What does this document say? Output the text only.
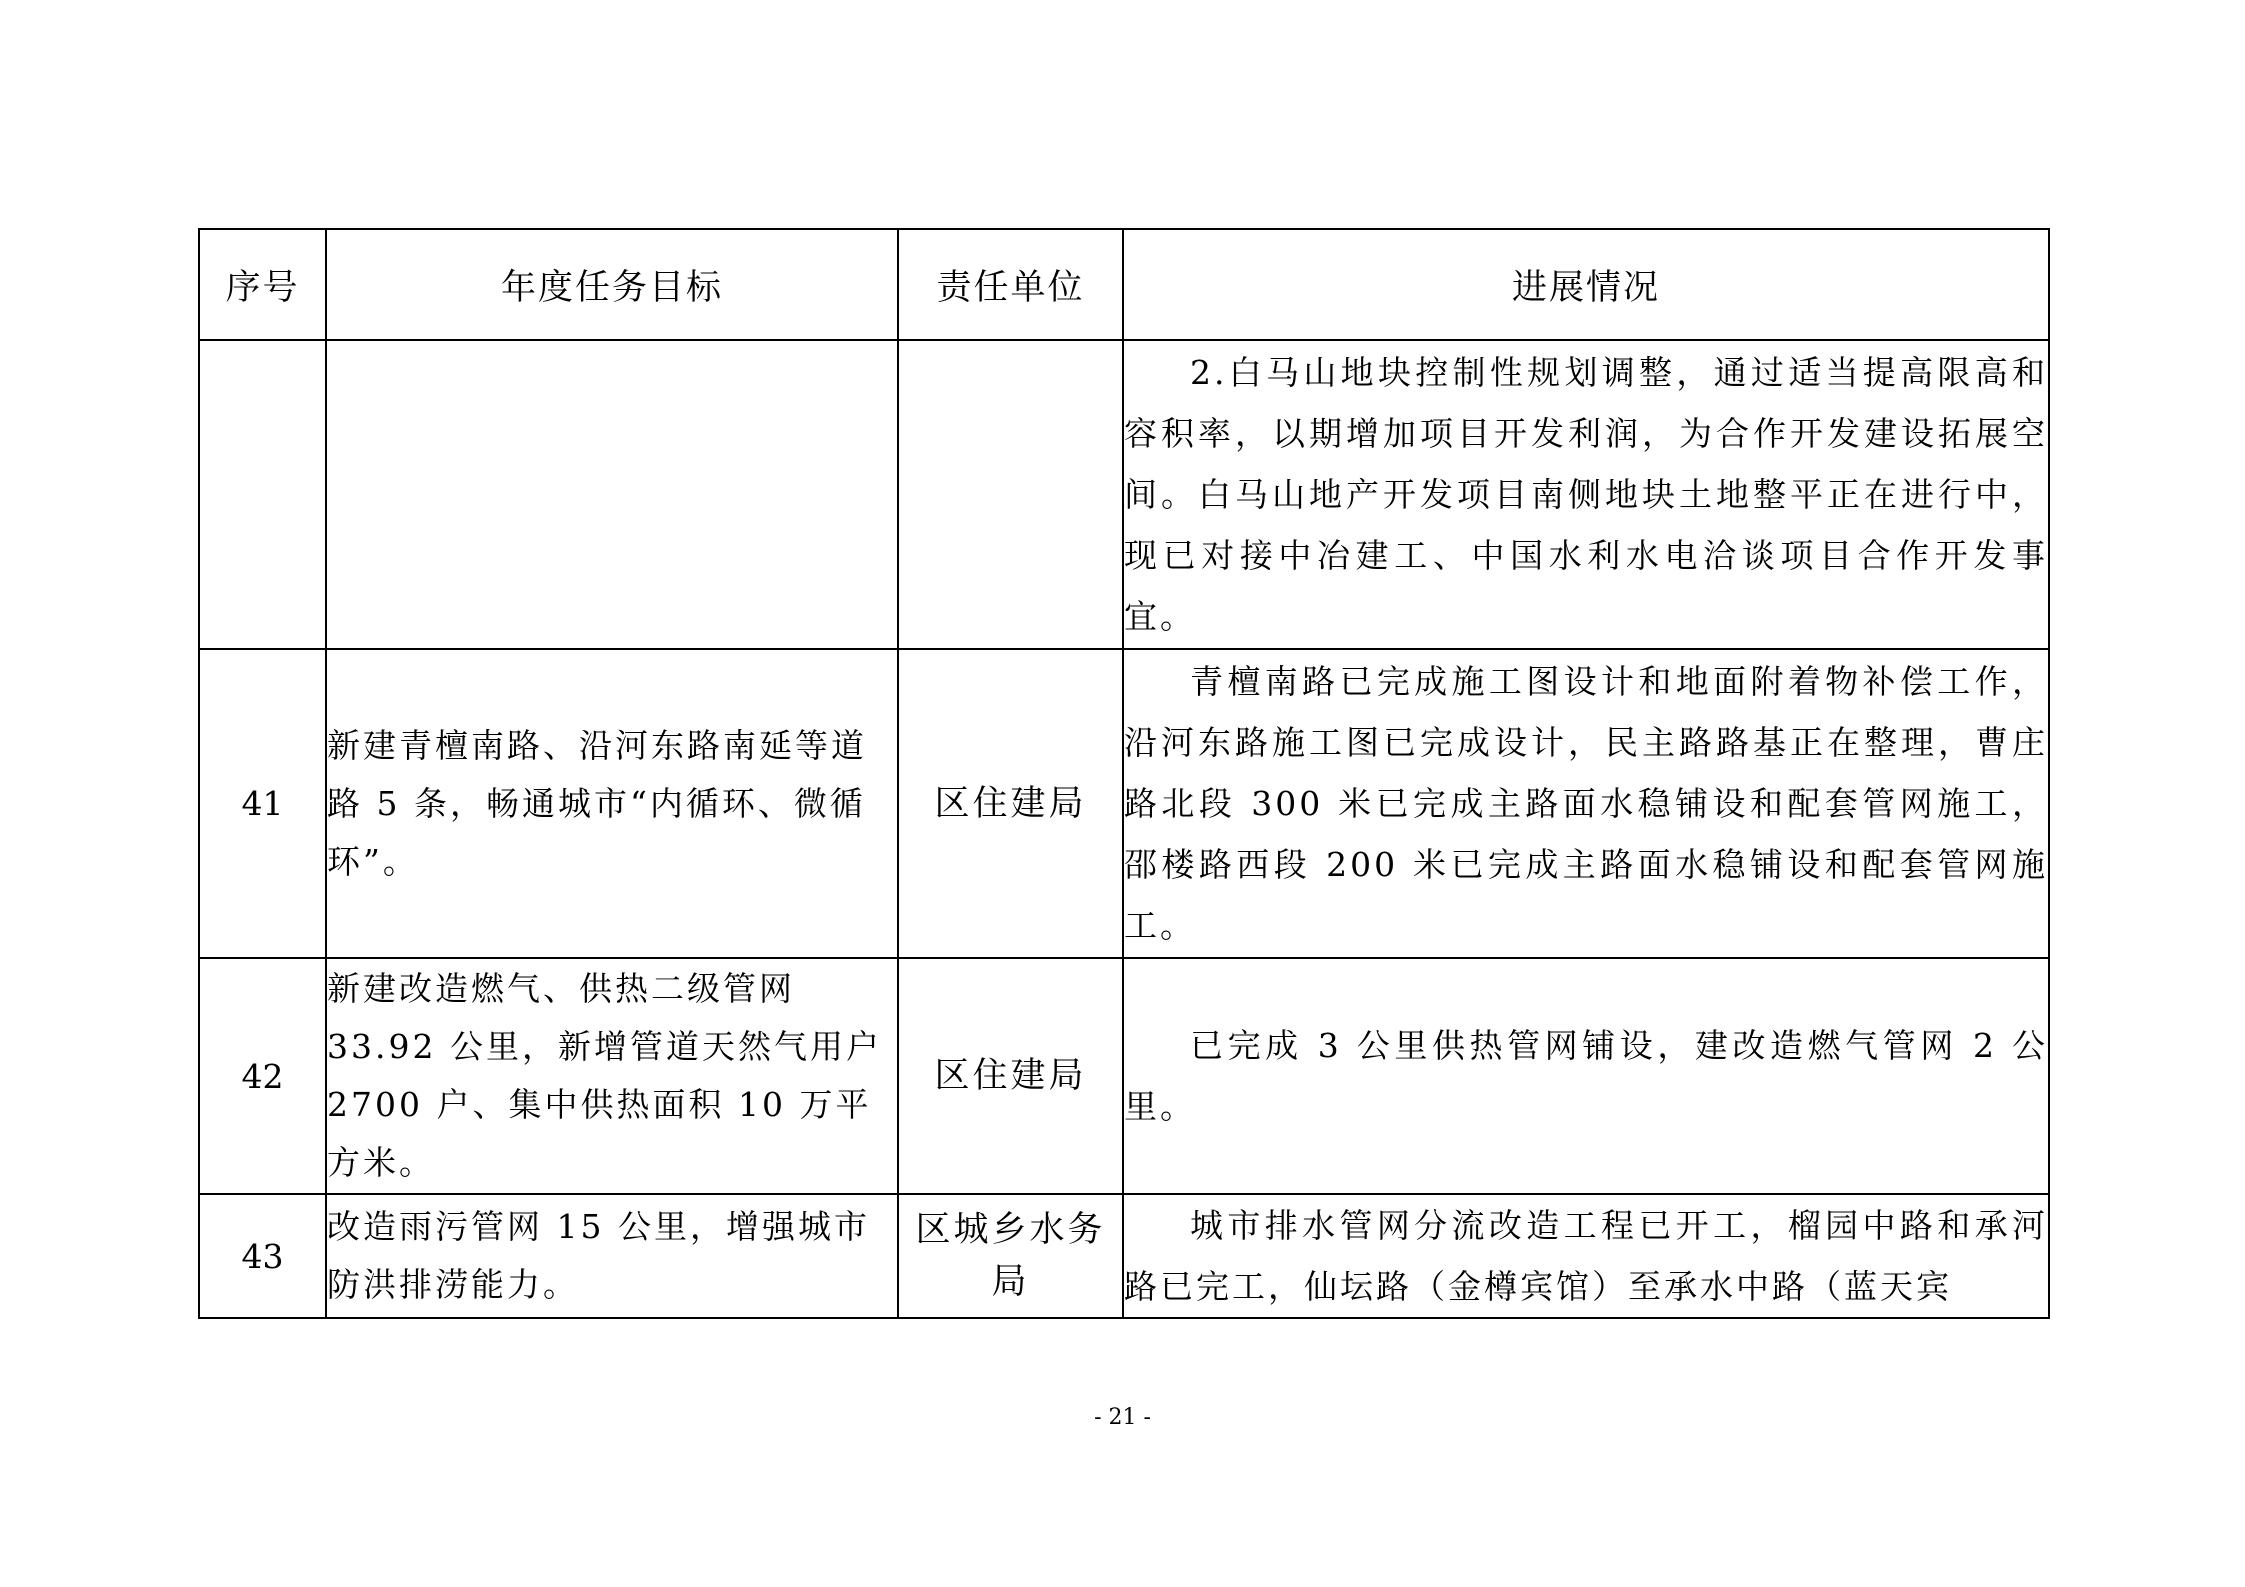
序号	年度任务目标	责任单位	进展情况

			2.白马山地块控制性规划调整，通过适当提高限高和容积率，以期增加项目开发利润，为合作开发建设拓展空间。白马山地产开发项目南侧地块土地整平正在进行中，现已对接中冶建工、中国水利水电洽谈项目合作开发事宜。

41	新建青檀南路、沿河东路南延等道路 5 条，畅通城市“内循环、微循环”。	区住建局	青檀南路已完成施工图设计和地面附着物补偿工作，沿河东路施工图已完成设计，民主路路基正在整理，曹庄路北段 300 米已完成主路面水稳铺设和配套管网施工，邵楼路西段 200 米已完成主路面水稳铺设和配套管网施工。

42	新建改造燃气、供热二级管网 33.92 公里，新增管道天然气用户 2700 户、集中供热面积 10 万平方米。	区住建局	已完成 3 公里供热管网铺设，建改造燃气管网 2 公里。

43	改造雨污管网 15 公里，增强城市防洪排涝能力。	区城乡水务局	城市排水管网分流改造工程已开工，榴园中路和承河路已完工，仙坛路（金樽宾馆）至承水中路（蓝天宾

- 21 -
